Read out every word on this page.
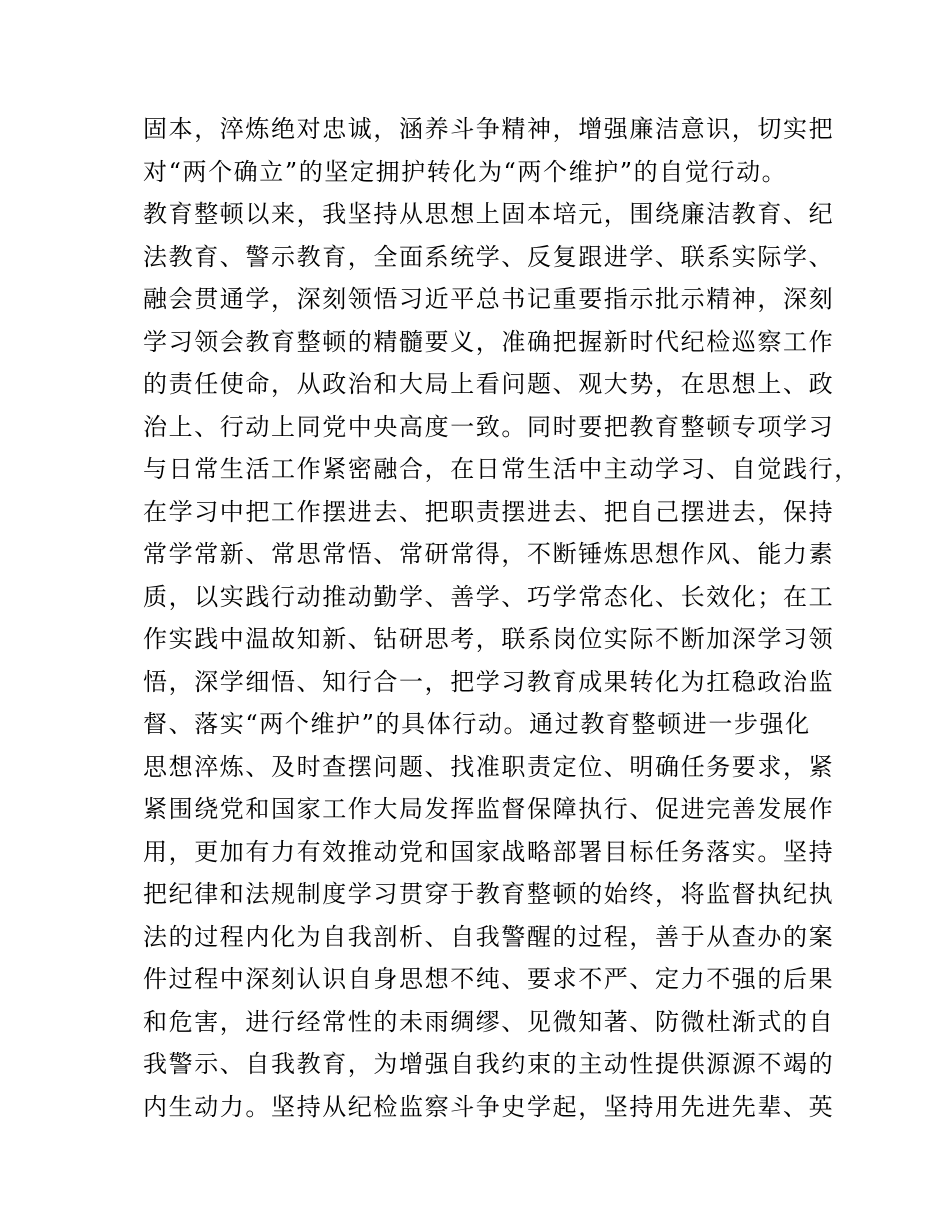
固本，淬炼绝对忠诚，涵养斗争精神，增强廉洁意识，切实把
对“两个确立”的坚定拥护转化为“两个维护”的自觉行动。
教育整顿以来，我坚持从思想上固本培元，围绕廉洁教育、纪
法教育、警示教育，全面系统学、反复跟进学、联系实际学、
融会贯通学，深刻领悟习近平总书记重要指示批示精神，深刻
学习领会教育整顿的精髓要义，准确把握新时代纪检巡察工作
的责任使命，从政治和大局上看问题、观大势，在思想上、政
治上、行动上同党中央高度一致。同时要把教育整顿专项学习
与日常生活工作紧密融合，在日常生活中主动学习、自觉践行，
在学习中把工作摆进去、把职责摆进去、把自己摆进去，保持
常学常新、常思常悟、常研常得，不断锤炼思想作风、能力素
质，以实践行动推动勤学、善学、巧学常态化、长效化；在工
作实践中温故知新、钻研思考，联系岗位实际不断加深学习领
悟，深学细悟、知行合一，把学习教育成果转化为扛稳政治监
督、落实“两个维护”的具体行动。通过教育整顿进一步强化
思想淬炼、及时查摆问题、找准职责定位、明确任务要求，紧
紧围绕党和国家工作大局发挥监督保障执行、促进完善发展作
用，更加有力有效推动党和国家战略部署目标任务落实。坚持
把纪律和法规制度学习贯穿于教育整顿的始终，将监督执纪执
法的过程内化为自我剖析、自我警醒的过程，善于从查办的案
件过程中深刻认识自身思想不纯、要求不严、定力不强的后果
和危害，进行经常性的未雨绸缪、见微知著、防微杜渐式的自
我警示、自我教育，为增强自我约束的主动性提供源源不竭的
内生动力。坚持从纪检监察斗争史学起，坚持用先进先辈、英
